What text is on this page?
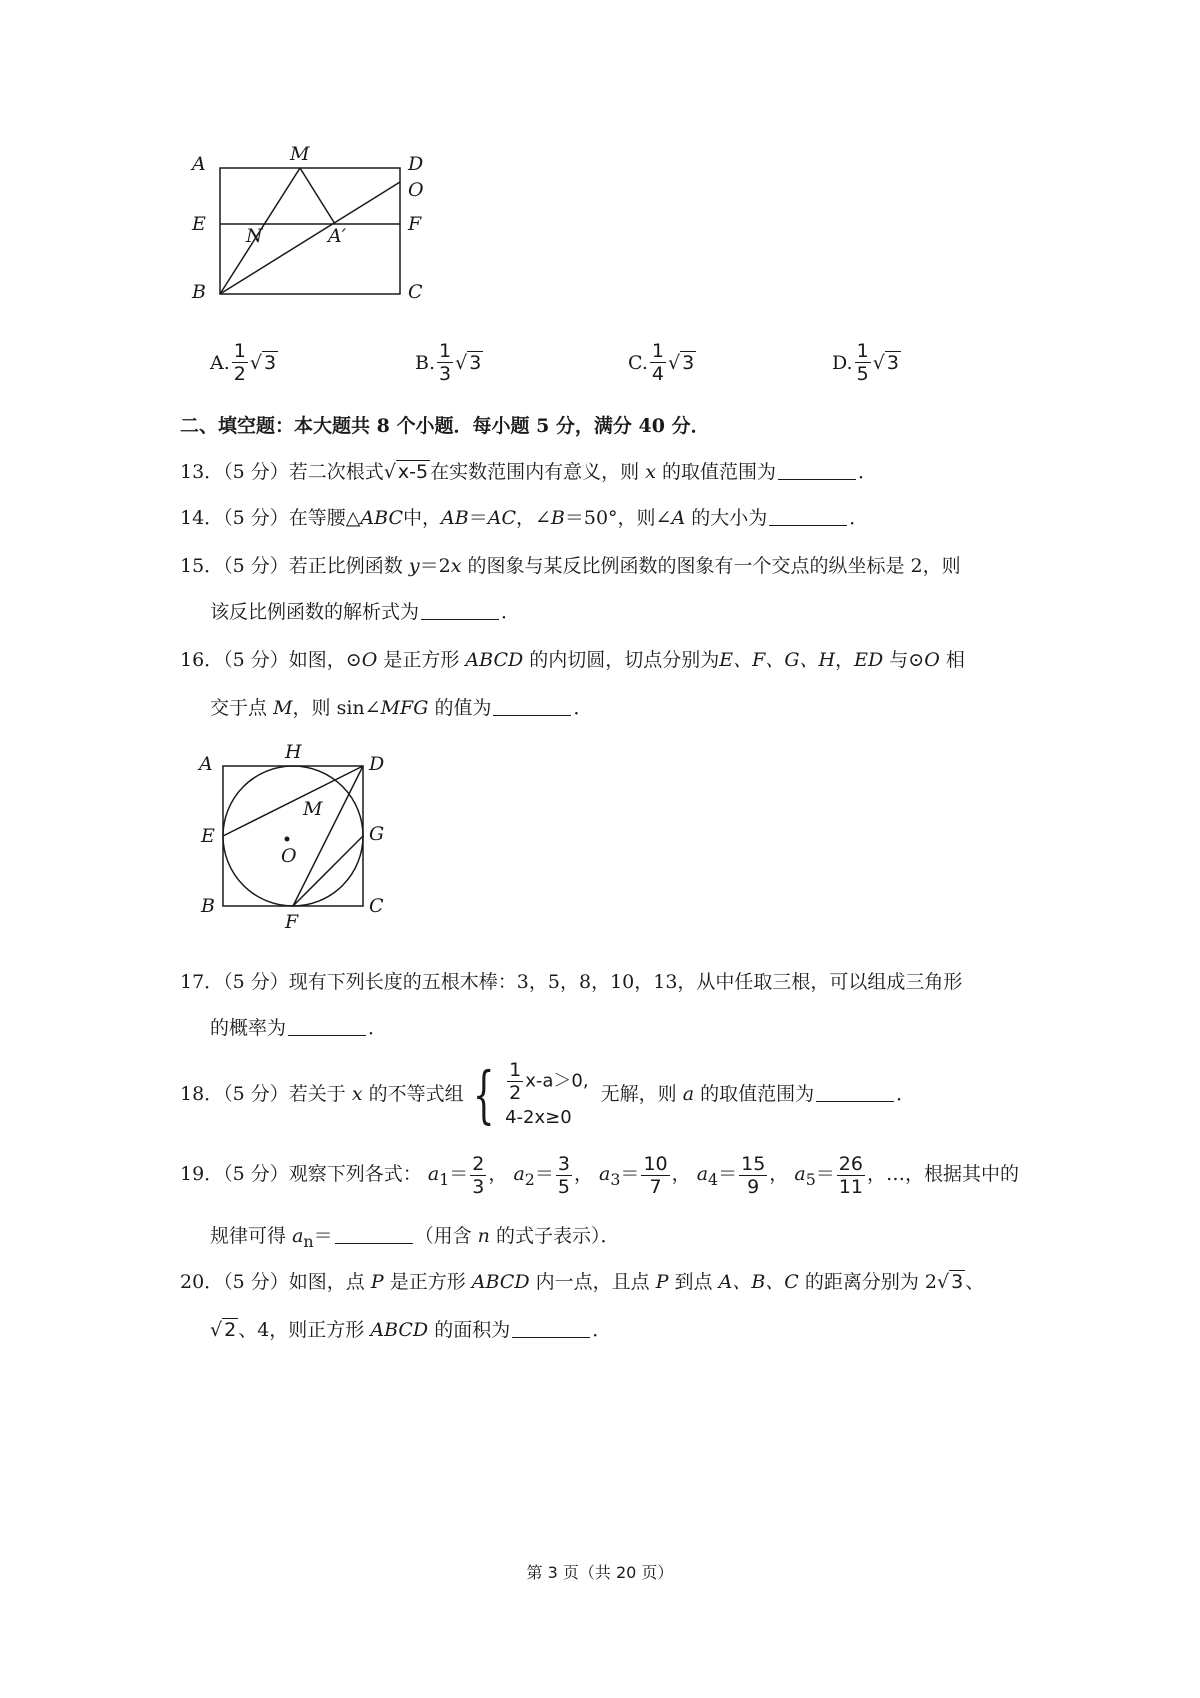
A	M	D
O
E
N	A′
F
B	C
A. $\frac{1}{2}$ √ 3	B. $\frac{1}{3}$ √ 3	C. $\frac{1}{4}$ √ 3	D. $\frac{1}{5}$ √ 3
二、填空题：本大题共 8 个小题．每小题 5 分，满分 40 分．
13．（5 分）若二次根式√ x-5 在实数范围内有意义，则 x 的取值范围为	．
14．（5 分）在等腰△ABC中，AB＝AC，∠B＝50°，则∠A 的大小为	．
15．（5 分）若正比例函数 y＝2x 的图象与某反比例函数的图象有一个交点的纵坐标是 2，则
该反比例函数的解析式为	．
16．（5 分）如图，⊙O 是正方形 ABCD 的内切圆，切点分别为E、F、G、H，ED 与⊙O 相
交于点 M，则 sin∠MFG 的值为	．
A
H
D
M
E	G
O
B
F
C
17．（5 分）现有下列长度的五根木棒：3，5，8，10，13，从中任取三根，可以组成三角形
的概率为	．
18．（5 分）若关于 x 的不等式组 { $\frac{1}{2} x-a>0$,
4-2x≥0
无解，则 a 的取值范围为	．
19．（5 分）观察下列各式： $a_1= \frac{2}{3}$ ， $a_2= \frac{3}{5}$ ， $a_3= \frac{10}{7}$ ， $a_4= \frac{15}{9}$ ， $a_5= \frac{26}{11}$ ，…，根据其中的
规律可得 $a_n=$	（用含 n 的式子表示）．
20．（5 分）如图，点 P 是正方形 ABCD 内一点，且点 P 到点 A、B、C 的距离分别为 2√ 3 、
√ 2 、4，则正方形 ABCD 的面积为	．
第 3 页（共 20 页）
